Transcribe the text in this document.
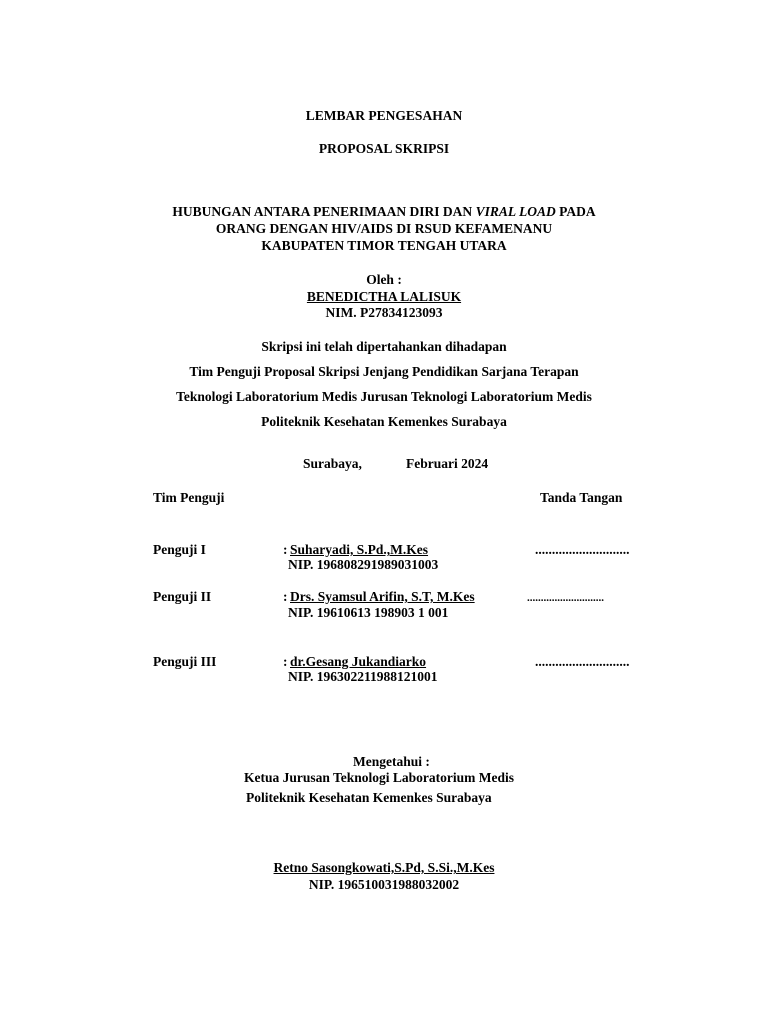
LEMBAR PENGESAHAN
PROPOSAL SKRIPSI
HUBUNGAN ANTARA PENERIMAAN DIRI DAN VIRAL LOAD PADA
ORANG DENGAN HIV/AIDS DI RSUD KEFAMENANU
KABUPATEN TIMOR TENGAH UTARA
Oleh :
BENEDICTHA LALISUK
NIM. P27834123093
Skripsi ini telah dipertahankan dihadapan
Tim Penguji Proposal Skripsi Jenjang Pendidikan Sarjana Terapan
Teknologi Laboratorium Medis Jurusan Teknologi Laboratorium Medis
Politeknik Kesehatan Kemenkes Surabaya
Surabaya,	Februari 2024
Tim Penguji	Tanda Tangan
Penguji I	: Suharyadi, S.Pd.,M.Kes	............................
NIP. 196808291989031003
Penguji II	: Drs. Syamsul Arifin, S.T, M.Kes	............................
NIP. 19610613 198903 1 001
Penguji III	: dr.Gesang Jukandiarko	............................
NIP. 196302211988121001
Mengetahui :
Ketua Jurusan Teknologi Laboratorium Medis
Politeknik Kesehatan Kemenkes Surabaya
Retno Sasongkowati,S.Pd, S.Si.,M.Kes
NIP. 196510031988032002
